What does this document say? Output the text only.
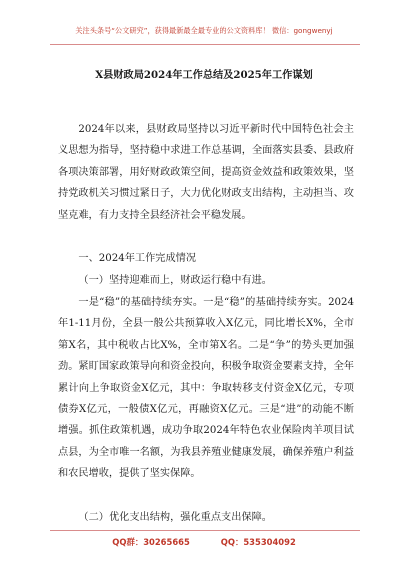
关注头条号“公文研究”，获得最新最全最专业的公文资料库！ 微信：gongwenyj
X县财政局2024年工作总结及2025年工作谋划

2024年以来，县财政局坚持以习近平新时代中国特色社会主义思想为指导，坚持稳中求进工作总基调，全面落实县委、县政府各项决策部署，用好财政政策空间，提高资金效益和政策效果，坚持党政机关习惯过紧日子，大力优化财政支出结构，主动担当、攻坚克难，有力支持全县经济社会平稳发展。

一、2024年工作完成情况

（一）坚持迎难而上，财政运行稳中有进。

一是“稳”的基础持续夯实。一是“稳”的基础持续夯实。2024年1-11月份，全县一般公共预算收入X亿元，同比增长X%，全市第X名，其中税收占比X%，全市第X名。二是“争”的势头更加强劲。紧盯国家政策导向和资金投向，积极争取资金要素支持，全年累计向上争取资金X亿元，其中：争取转移支付资金X亿元，专项债券X亿元，一般债X亿元，再融资X亿元。三是“进”的动能不断增强。抓住政策机遇，成功争取2024年特色农业保险肉羊项目试点县，为全市唯一名额，为我县养殖业健康发展，确保养殖户利益和农民增收，提供了坚实保障。

（二）优化支出结构，强化重点支出保障。

QQ群：30265665	QQ：535304092
